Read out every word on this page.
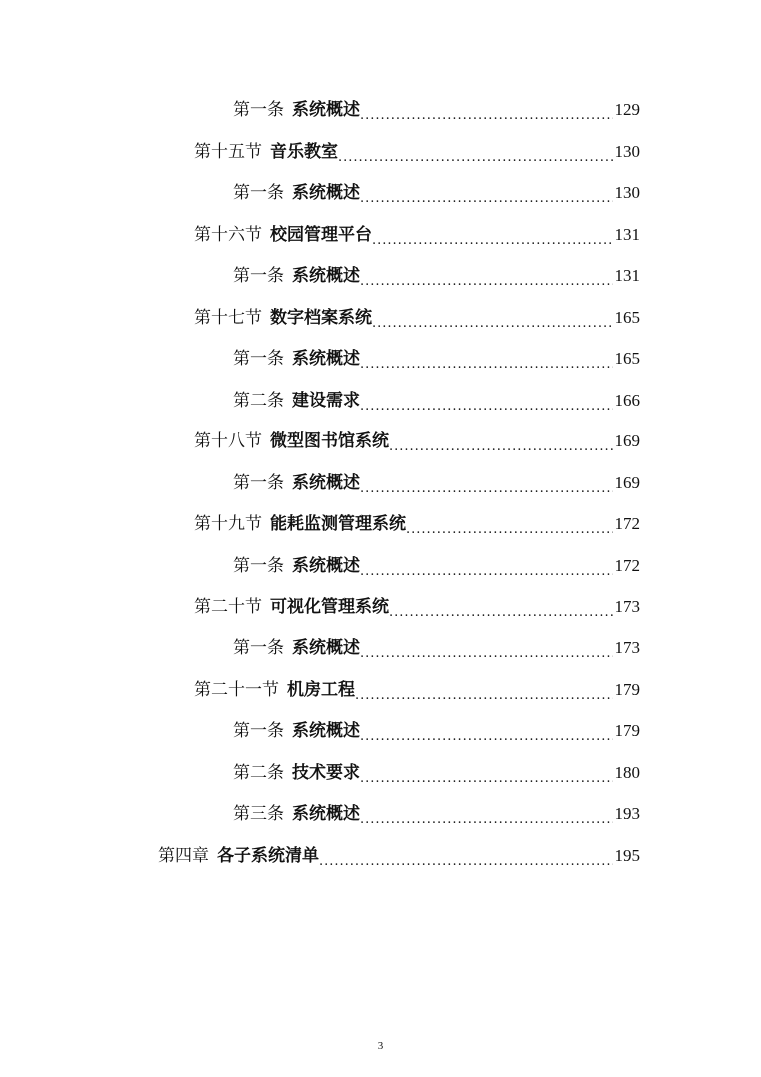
第一条 系统概述 .....	129
第十五节 音乐教室 .....	130
第一条 系统概述 .....	130
第十六节 校园管理平台 .....	131
第一条 系统概述 .....	131
第十七节 数字档案系统 .....	165
第一条 系统概述 .....	165
第二条 建设需求 .....	166
第十八节 微型图书馆系统 .....	169
第一条 系统概述 .....	169
第十九节 能耗监测管理系统 .....	172
第一条 系统概述 .....	172
第二十节 可视化管理系统 .....	173
第一条 系统概述 .....	173
第二十一节 机房工程 .....	179
第一条 系统概述 .....	179
第二条 技术要求 .....	180
第三条 系统概述 .....	193
第四章 各子系统清单 .....	195
3
